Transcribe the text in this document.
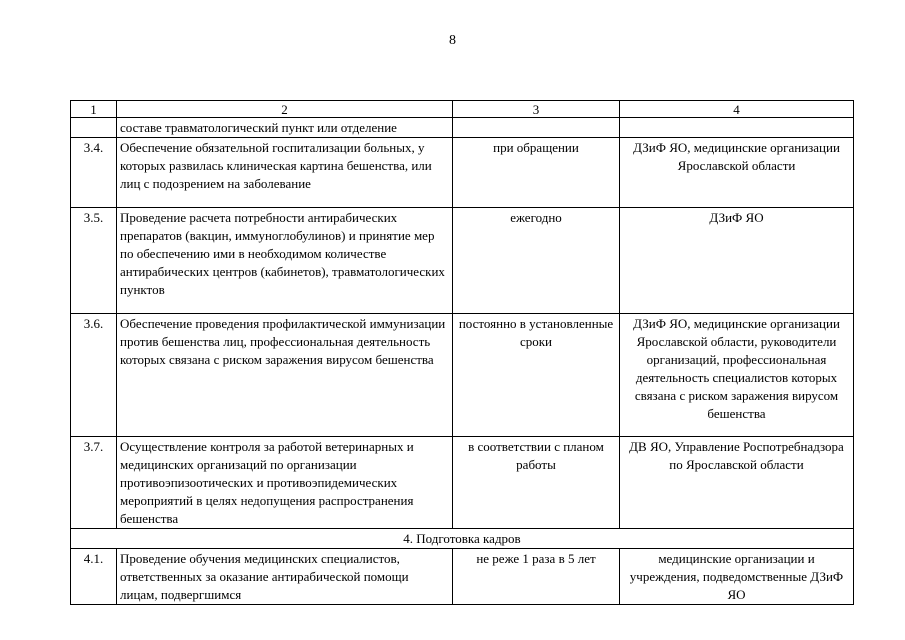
8
1	2	3	4
	составе травматологический пункт или отделение		
3.4.	Обеспечение обязательной госпитализации больных, у которых развилась клиническая картина бешенства, или лиц с подозрением на заболевание	при обращении	ДЗиФ ЯО, медицинские организации Ярославской области
3.5.	Проведение расчета потребности антирабических препаратов (вакцин, иммуноглобулинов) и принятие мер по обеспечению ими в необходимом количестве антирабических центров (кабинетов), травматологических пунктов	ежегодно	ДЗиФ ЯО
3.6.	Обеспечение проведения профилактической иммунизации против бешенства лиц, профессиональная деятельность которых связана с риском заражения вирусом бешенства	постоянно в установленные сроки	ДЗиФ ЯО, медицинские организации Ярославской области, руководители организаций, профессиональная деятельность специалистов которых связана с риском заражения вирусом бешенства
3.7.	Осуществление контроля за работой ветеринарных и медицинских организаций по организации противоэпизоотических и противоэпидемических мероприятий в целях недопущения распространения бешенства	в соответствии с планом работы	ДВ ЯО, Управление Роспотребнадзора по Ярославской области
4. Подготовка кадров			
4.1.	Проведение обучения медицинских специалистов, ответственных за оказание антирабической помощи лицам, подвергшимся	не реже 1 раза в 5 лет	медицинские организации и учреждения, подведомственные ДЗиФ ЯО
